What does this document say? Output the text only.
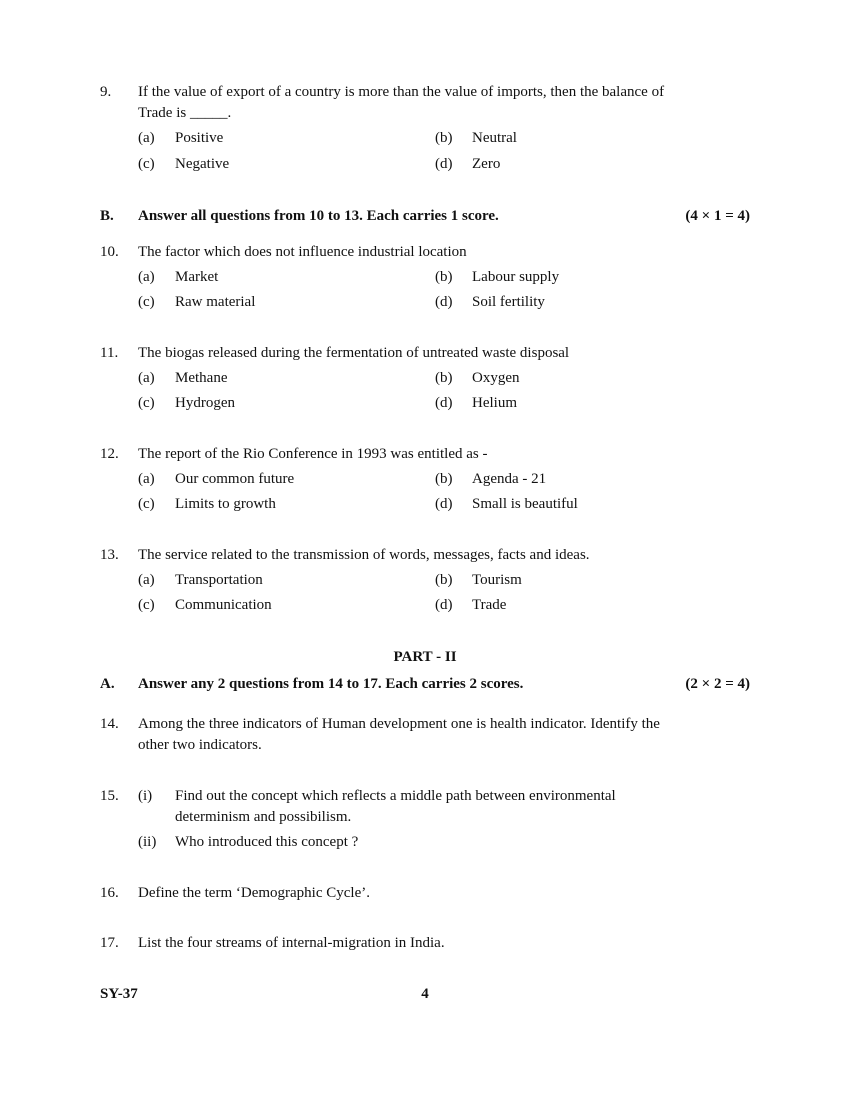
9. If the value of export of a country is more than the value of imports, then the balance of
Trade is _____.
(a) Positive	(b) Neutral
(c) Negative	(d) Zero
B. Answer all questions from 10 to 13. Each carries 1 score.	(4 × 1 = 4)
10. The factor which does not influence industrial location
(a) Market	(b) Labour supply
(c) Raw material	(d) Soil fertility
11. The biogas released during the fermentation of untreated waste disposal
(a) Methane	(b) Oxygen
(c) Hydrogen	(d) Helium
12. The report of the Rio Conference in 1993 was entitled as -
(a) Our common future	(b) Agenda - 21
(c) Limits to growth	(d) Small is beautiful
13. The service related to the transmission of words, messages, facts and ideas.
(a) Transportation	(b) Tourism
(c) Communication	(d) Trade
PART - II
A. Answer any 2 questions from 14 to 17. Each carries 2 scores.	(2 × 2 = 4)
14. Among the three indicators of Human development one is health indicator. Identify the
other two indicators.
15. (i) Find out the concept which reflects a middle path between environmental
determinism and possibilism.
(ii) Who introduced this concept ?
16. Define the term ‘Demographic Cycle’.
17. List the four streams of internal-migration in India.
SY-37	4
